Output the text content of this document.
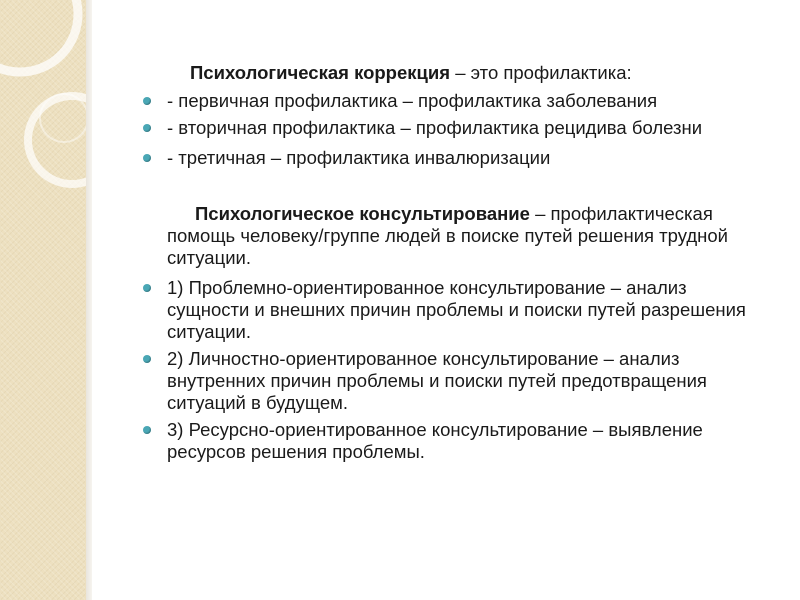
Психологическая коррекция – это профилактика:

- первичная профилактика – профилактика заболевания
- вторичная профилактика – профилактика рецидива болезни
- третичная – профилактика инвалюризации

Психологическое консультирование – профилактическая помощь человеку/группе людей в поиске путей решения трудной ситуации.

1) Проблемно-ориентированное консультирование – анализ сущности и внешних причин проблемы и поиски путей разрешения ситуации.
2) Личностно-ориентированное консультирование – анализ внутренних причин проблемы и поиски путей предотвращения ситуаций в будущем.
3) Ресурсно-ориентированное консультирование – выявление ресурсов решения проблемы.
